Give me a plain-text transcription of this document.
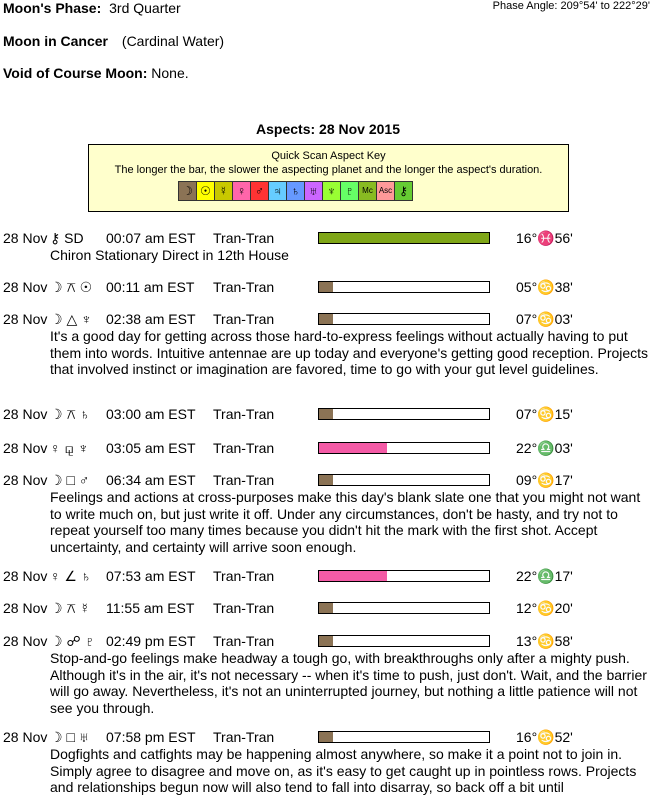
Moon's Phase: 3rd Quarter	Phase Angle: 209°54' to 222°29'
Moon in Cancer (Cardinal Water)
Void of Course Moon: None.
Aspects: 28 Nov 2015
Quick Scan Aspect Key
The longer the bar, the slower the aspecting planet and the longer the aspect's duration.
☽ ☉ ☿ ♀ ♂ ♃ ♄ ♅ ♆ ♇	Mc Asc ⚷
28 Nov ⚷ SD 00:07 am EST Tran-Tran	16°♓56'
Chiron Stationary Direct in 12th House
28 Nov ☽ ⚻ ☉ 00:11 am EST Tran-Tran	05°♋38'
28 Nov ☽ △ ♆ 02:38 am EST Tran-Tran	07°♋03'
It's a good day for getting across those hard-to-express feelings without actually having to put them into words. Intuitive antennae are up today and everyone's getting good reception. Projects that involved instinct or imagination are favored, time to go with your gut level guidelines.
28 Nov ☽ ⚻ ♄ 03:00 am EST Tran-Tran	07°♋15'
28 Nov ♀ ⚼ ♆ 03:05 am EST Tran-Tran	22°♎03'
28 Nov ☽ □ ♂ 06:34 am EST Tran-Tran	09°♋17'
Feelings and actions at cross-purposes make this day's blank slate one that you might not want to write much on, but just write it off. Under any circumstances, don't be hasty, and try not to repeat yourself too many times because you didn't hit the mark with the first shot. Accept uncertainty, and certainty will arrive soon enough.
28 Nov ♀ ∠ ♄ 07:53 am EST Tran-Tran	22°♎17'
28 Nov ☽ ⚻ ☿ 11:55 am EST Tran-Tran	12°♋20'
28 Nov ☽ ☍ ♇ 02:49 pm EST Tran-Tran	13°♋58'
Stop-and-go feelings make headway a tough go, with breakthroughs only after a mighty push. Although it's in the air, it's not necessary -- when it's time to push, just don't. Wait, and the barrier will go away. Nevertheless, it's not an uninterrupted journey, but nothing a little patience will not see you through.
28 Nov ☽ □ ♅ 07:58 pm EST Tran-Tran	16°♋52'
Dogfights and catfights may be happening almost anywhere, so make it a point not to join in. Simply agree to disagree and move on, as it's easy to get caught up in pointless rows. Projects and relationships begun now will also tend to fall into disarray, so back off a bit until
